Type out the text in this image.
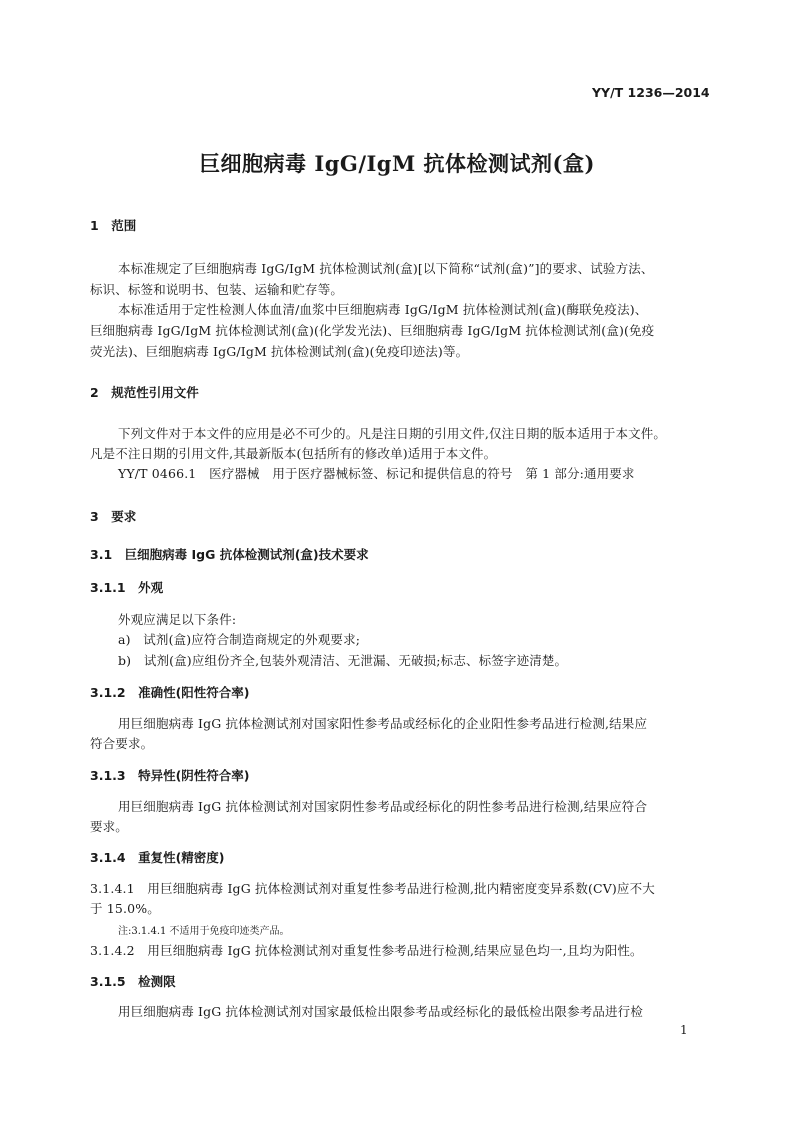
YY/T 1236—2014
巨细胞病毒 IgG/IgM 抗体检测试剂(盒)
1　范围
本标准规定了巨细胞病毒 IgG/IgM 抗体检测试剂(盒)[以下简称“试剂(盒)”]的要求、试验方法、
标识、标签和说明书、包装、运输和贮存等。
本标准适用于定性检测人体血清/血浆中巨细胞病毒 IgG/IgM 抗体检测试剂(盒)(酶联免疫法)、
巨细胞病毒 IgG/IgM 抗体检测试剂(盒)(化学发光法)、巨细胞病毒 IgG/IgM 抗体检测试剂(盒)(免疫
荧光法)、巨细胞病毒 IgG/IgM 抗体检测试剂(盒)(免疫印迹法)等。
2　规范性引用文件
下列文件对于本文件的应用是必不可少的。凡是注日期的引用文件,仅注日期的版本适用于本文件。
凡是不注日期的引用文件,其最新版本(包括所有的修改单)适用于本文件。
YY/T 0466.1　医疗器械　用于医疗器械标签、标记和提供信息的符号　第 1 部分:通用要求
3　要求
3.1　巨细胞病毒 IgG 抗体检测试剂(盒)技术要求
3.1.1　外观
外观应满足以下条件:
a)　试剂(盒)应符合制造商规定的外观要求;
b)　试剂(盒)应组份齐全,包装外观清洁、无泄漏、无破损;标志、标签字迹清楚。
3.1.2　准确性(阳性符合率)
用巨细胞病毒 IgG 抗体检测试剂对国家阳性参考品或经标化的企业阳性参考品进行检测,结果应
符合要求。
3.1.3　特异性(阴性符合率)
用巨细胞病毒 IgG 抗体检测试剂对国家阴性参考品或经标化的阴性参考品进行检测,结果应符合
要求。
3.1.4　重复性(精密度)
3.1.4.1　用巨细胞病毒 IgG 抗体检测试剂对重复性参考品进行检测,批内精密度变异系数(CV)应不大
于 15.0%。
注:3.1.4.1 不适用于免疫印迹类产品。
3.1.4.2　用巨细胞病毒 IgG 抗体检测试剂对重复性参考品进行检测,结果应显色均一,且均为阳性。
3.1.5　检测限
用巨细胞病毒 IgG 抗体检测试剂对国家最低检出限参考品或经标化的最低检出限参考品进行检
1
